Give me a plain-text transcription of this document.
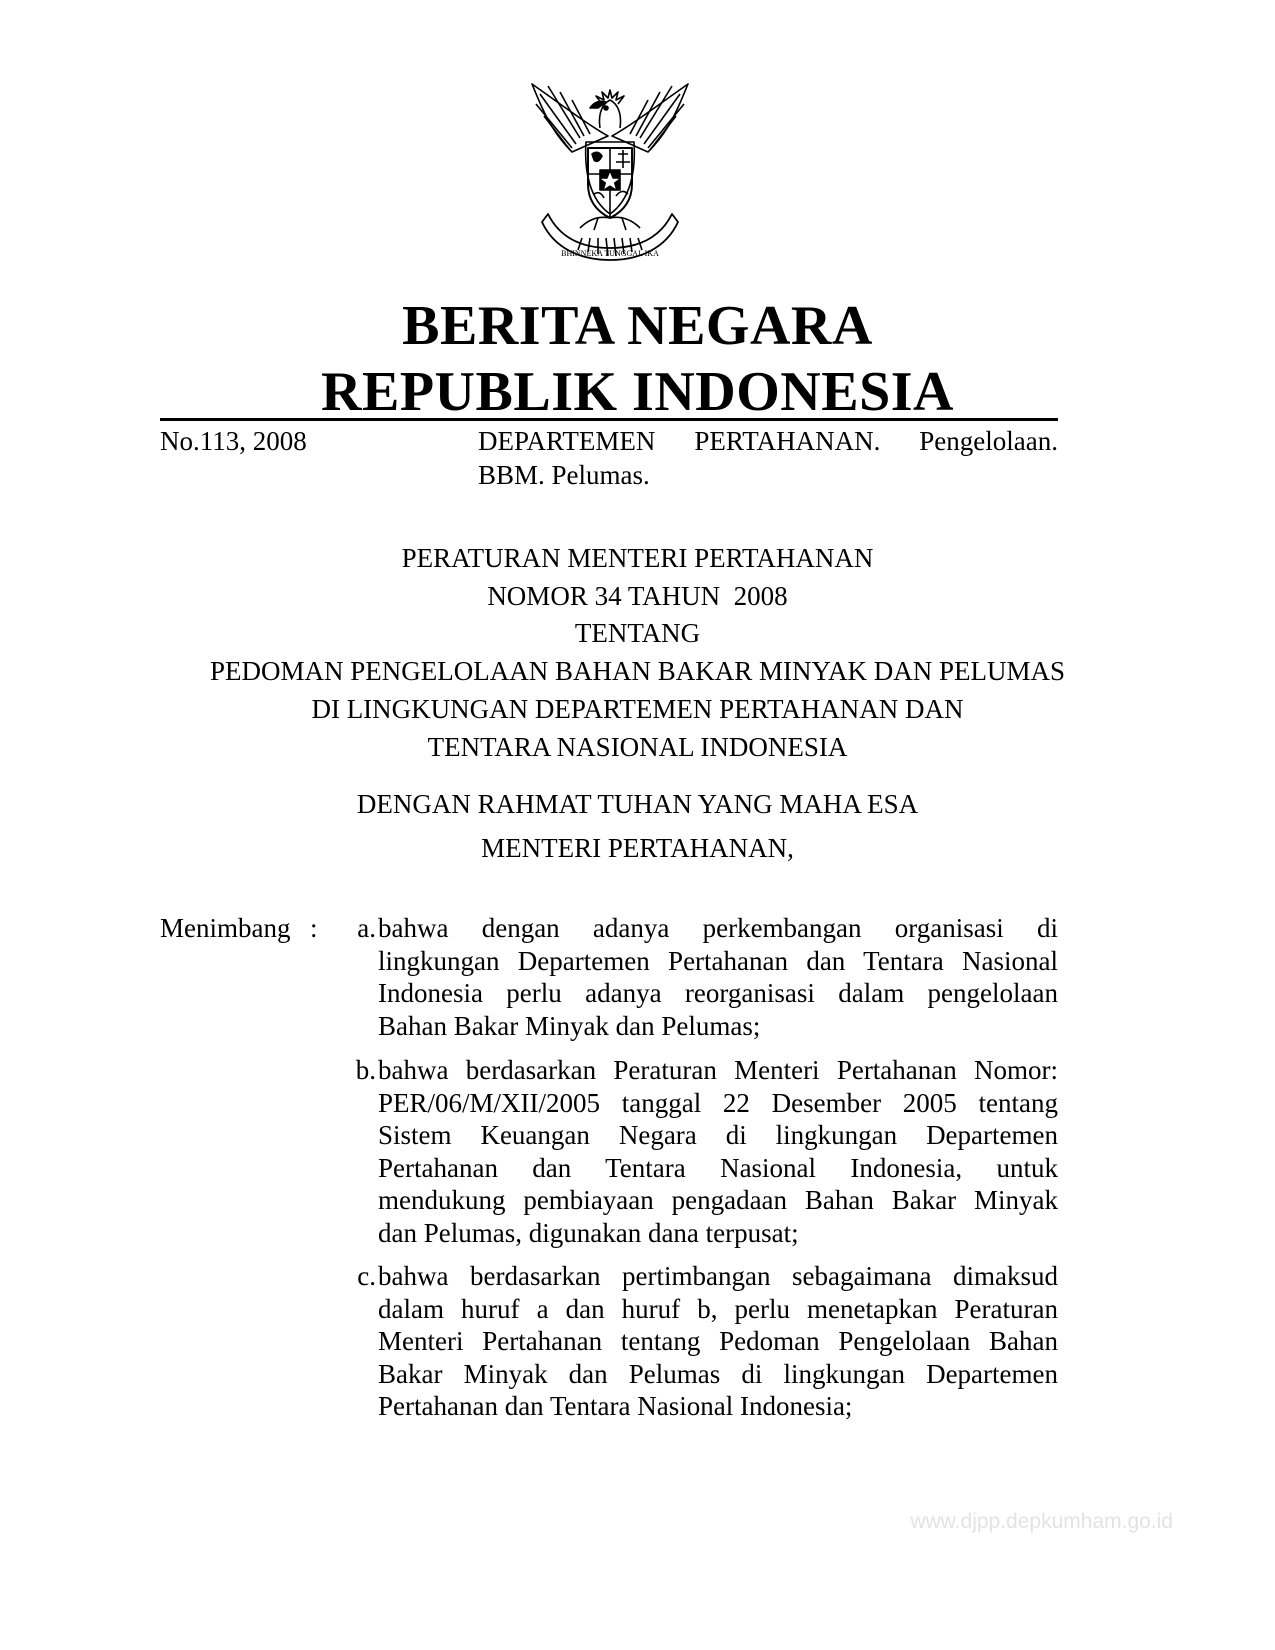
BHINNEKA TUNGGAL IKA
BERITA NEGARA
REPUBLIK INDONESIA
No.113, 2008	DEPARTEMEN PERTAHANAN. Pengelolaan.
BBM. Pelumas.
PERATURAN MENTERI PERTAHANAN
NOMOR 34 TAHUN  2008
TENTANG
PEDOMAN PENGELOLAAN BAHAN BAKAR MINYAK DAN PELUMAS
DI LINGKUNGAN DEPARTEMEN PERTAHANAN DAN
TENTARA NASIONAL INDONESIA
DENGAN RAHMAT TUHAN YANG MAHA ESA
MENTERI PERTAHANAN,
Menimbang :	a. bahwa dengan adanya perkembangan organisasi di
lingkungan Departemen Pertahanan dan Tentara Nasional
Indonesia perlu adanya reorganisasi dalam pengelolaan
Bahan Bakar Minyak dan Pelumas;
b. bahwa berdasarkan Peraturan Menteri Pertahanan Nomor:
PER/06/M/XII/2005 tanggal 22 Desember 2005 tentang
Sistem Keuangan Negara di lingkungan Departemen
Pertahanan dan Tentara Nasional Indonesia, untuk
mendukung pembiayaan pengadaan Bahan Bakar Minyak
dan Pelumas, digunakan dana terpusat;
c. bahwa berdasarkan pertimbangan sebagaimana dimaksud
dalam huruf a dan huruf b, perlu menetapkan Peraturan
Menteri Pertahanan tentang Pedoman Pengelolaan Bahan
Bakar Minyak dan Pelumas di lingkungan Departemen
Pertahanan dan Tentara Nasional Indonesia;
www.djpp.depkumham.go.id
